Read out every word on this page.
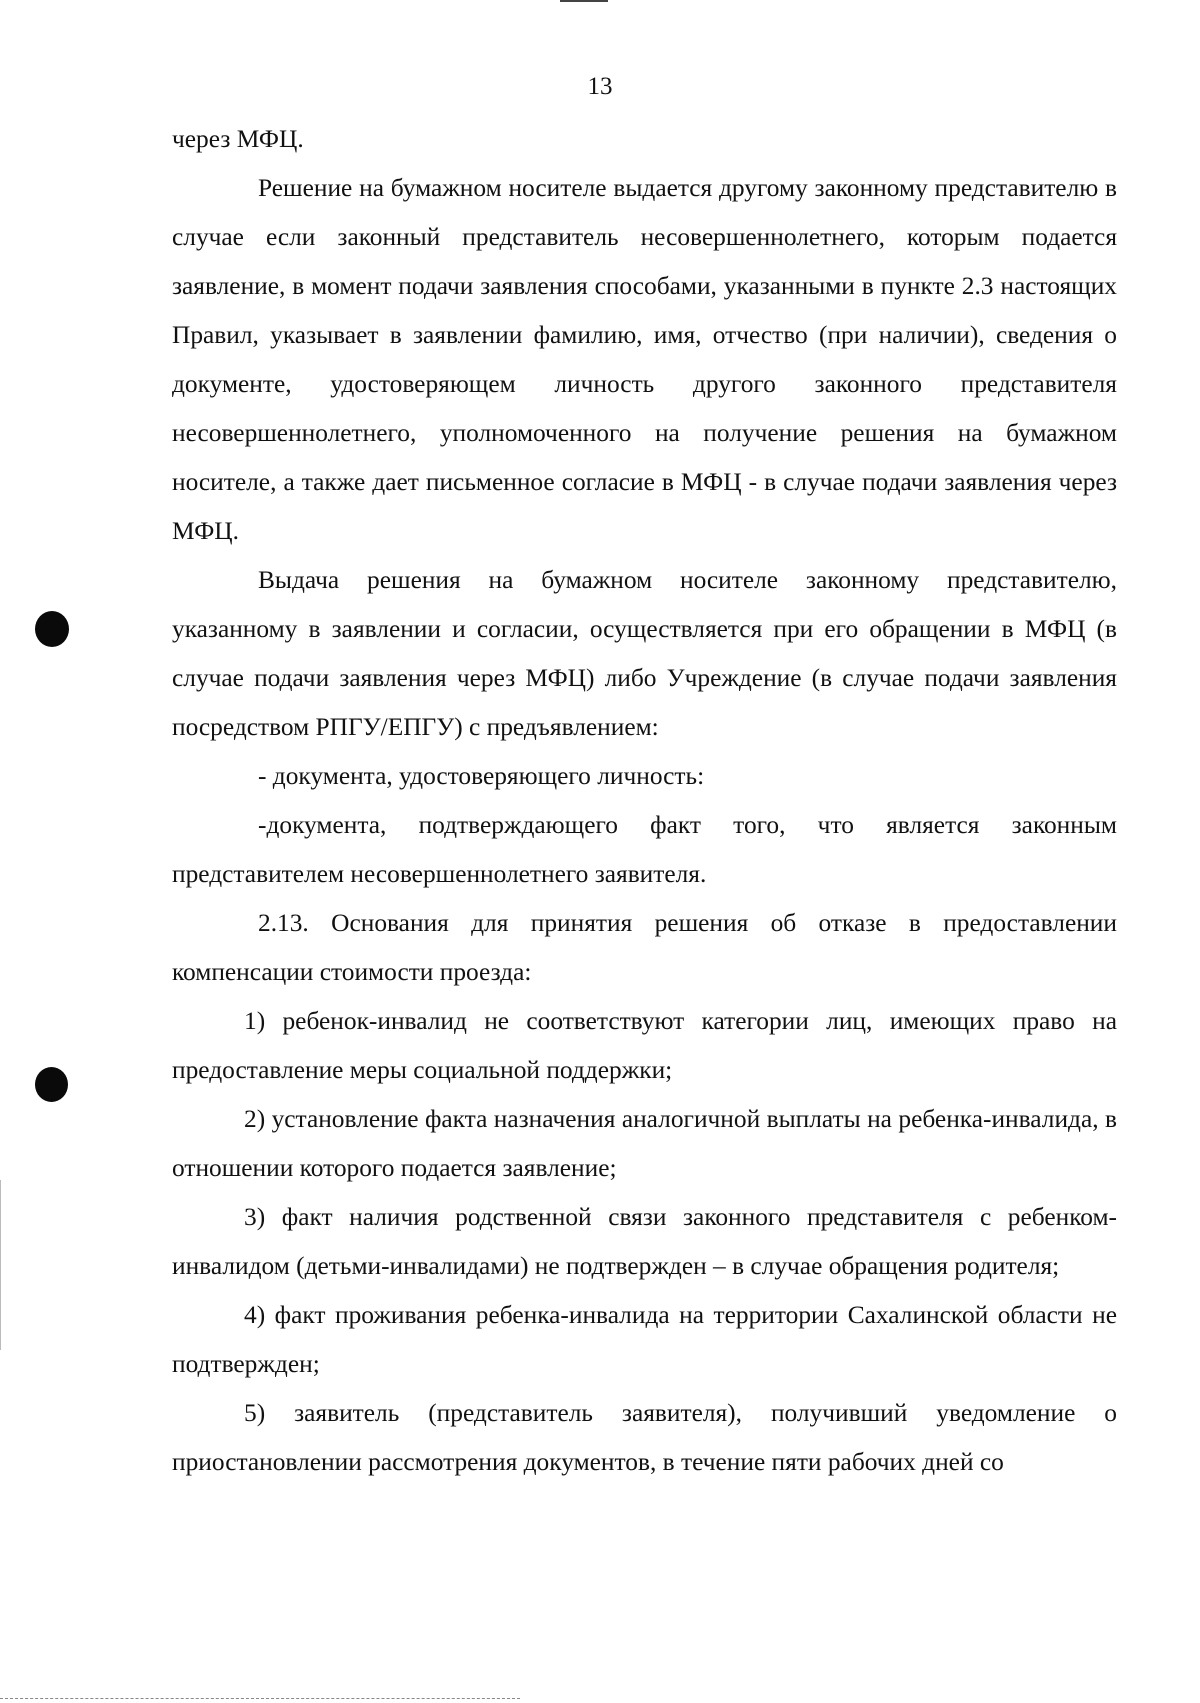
13

через МФЦ.

Решение на бумажном носителе выдается другому законному представителю в случае если законный представитель несовершеннолетнего, которым подается заявление, в момент подачи заявления способами, указанными в пункте 2.3 настоящих Правил, указывает в заявлении фамилию, имя, отчество (при наличии), сведения о документе, удостоверяющем личность другого законного представителя несовершеннолетнего, уполномоченного на получение решения на бумажном носителе, а также дает письменное согласие в МФЦ - в случае подачи заявления через МФЦ.

Выдача решения на бумажном носителе законному представителю, указанному в заявлении и согласии, осуществляется при его обращении в МФЦ (в случае подачи заявления через МФЦ) либо Учреждение (в случае подачи заявления посредством РПГУ/ЕПГУ) с предъявлением:

- документа, удостоверяющего личность:

-документа, подтверждающего факт того, что является законным представителем несовершеннолетнего заявителя.

2.13. Основания для принятия решения об отказе в предоставлении компенсации стоимости проезда:

1) ребенок-инвалид не соответствуют категории лиц, имеющих право на предоставление меры социальной поддержки;

2) установление факта назначения аналогичной выплаты на ребенка-инвалида, в отношении которого подается заявление;

3) факт наличия родственной связи законного представителя с ребенком-инвалидом (детьми-инвалидами) не подтвержден – в случае обращения родителя;

4) факт проживания ребенка-инвалида на территории Сахалинской области не подтвержден;

5) заявитель (представитель заявителя), получивший уведомление о приостановлении рассмотрения документов, в течение пяти рабочих дней со
